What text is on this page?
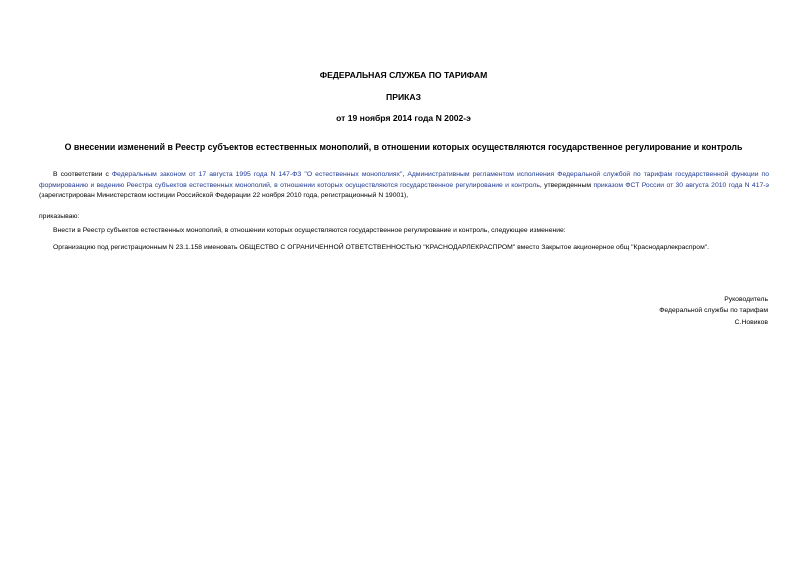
ФЕДЕРАЛЬНАЯ СЛУЖБА ПО ТАРИФАМ
ПРИКАЗ
от 19 ноября 2014 года N 2002-э
О внесении изменений в Реестр субъектов естественных монополий, в отношении которых осуществляются государственное регулирование и контроль
В соответствии с Федеральным законом от 17 августа 1995 года N 147-ФЗ "О естественных монополиях", Административным регламентом исполнения Федеральной службой по тарифам государственной функции по формированию и ведению Реестра субъектов естественных монополий, в отношении которых осуществляются государственное регулирование и контроль, утвержденным приказом ФСТ России от 30 августа 2010 года N 417-э (зарегистрирован Министерством юстиции Российской Федерации 22 ноября 2010 года, регистрационный N 19001),
приказываю:
Внести в Реестр субъектов естественных монополий, в отношении которых осуществляются государственное регулирование и контроль, следующее изменение:
Организацию под регистрационным N 23.1.158 именовать ОБЩЕСТВО С ОГРАНИЧЕННОЙ ОТВЕТСТВЕННОСТЬЮ "КРАСНОДАРЛЕКРАСПРОМ" вместо Закрытое акционерное общ "Краснодарлекраспром".
Руководитель
Федеральной службы по тарифам
С.Новиков
